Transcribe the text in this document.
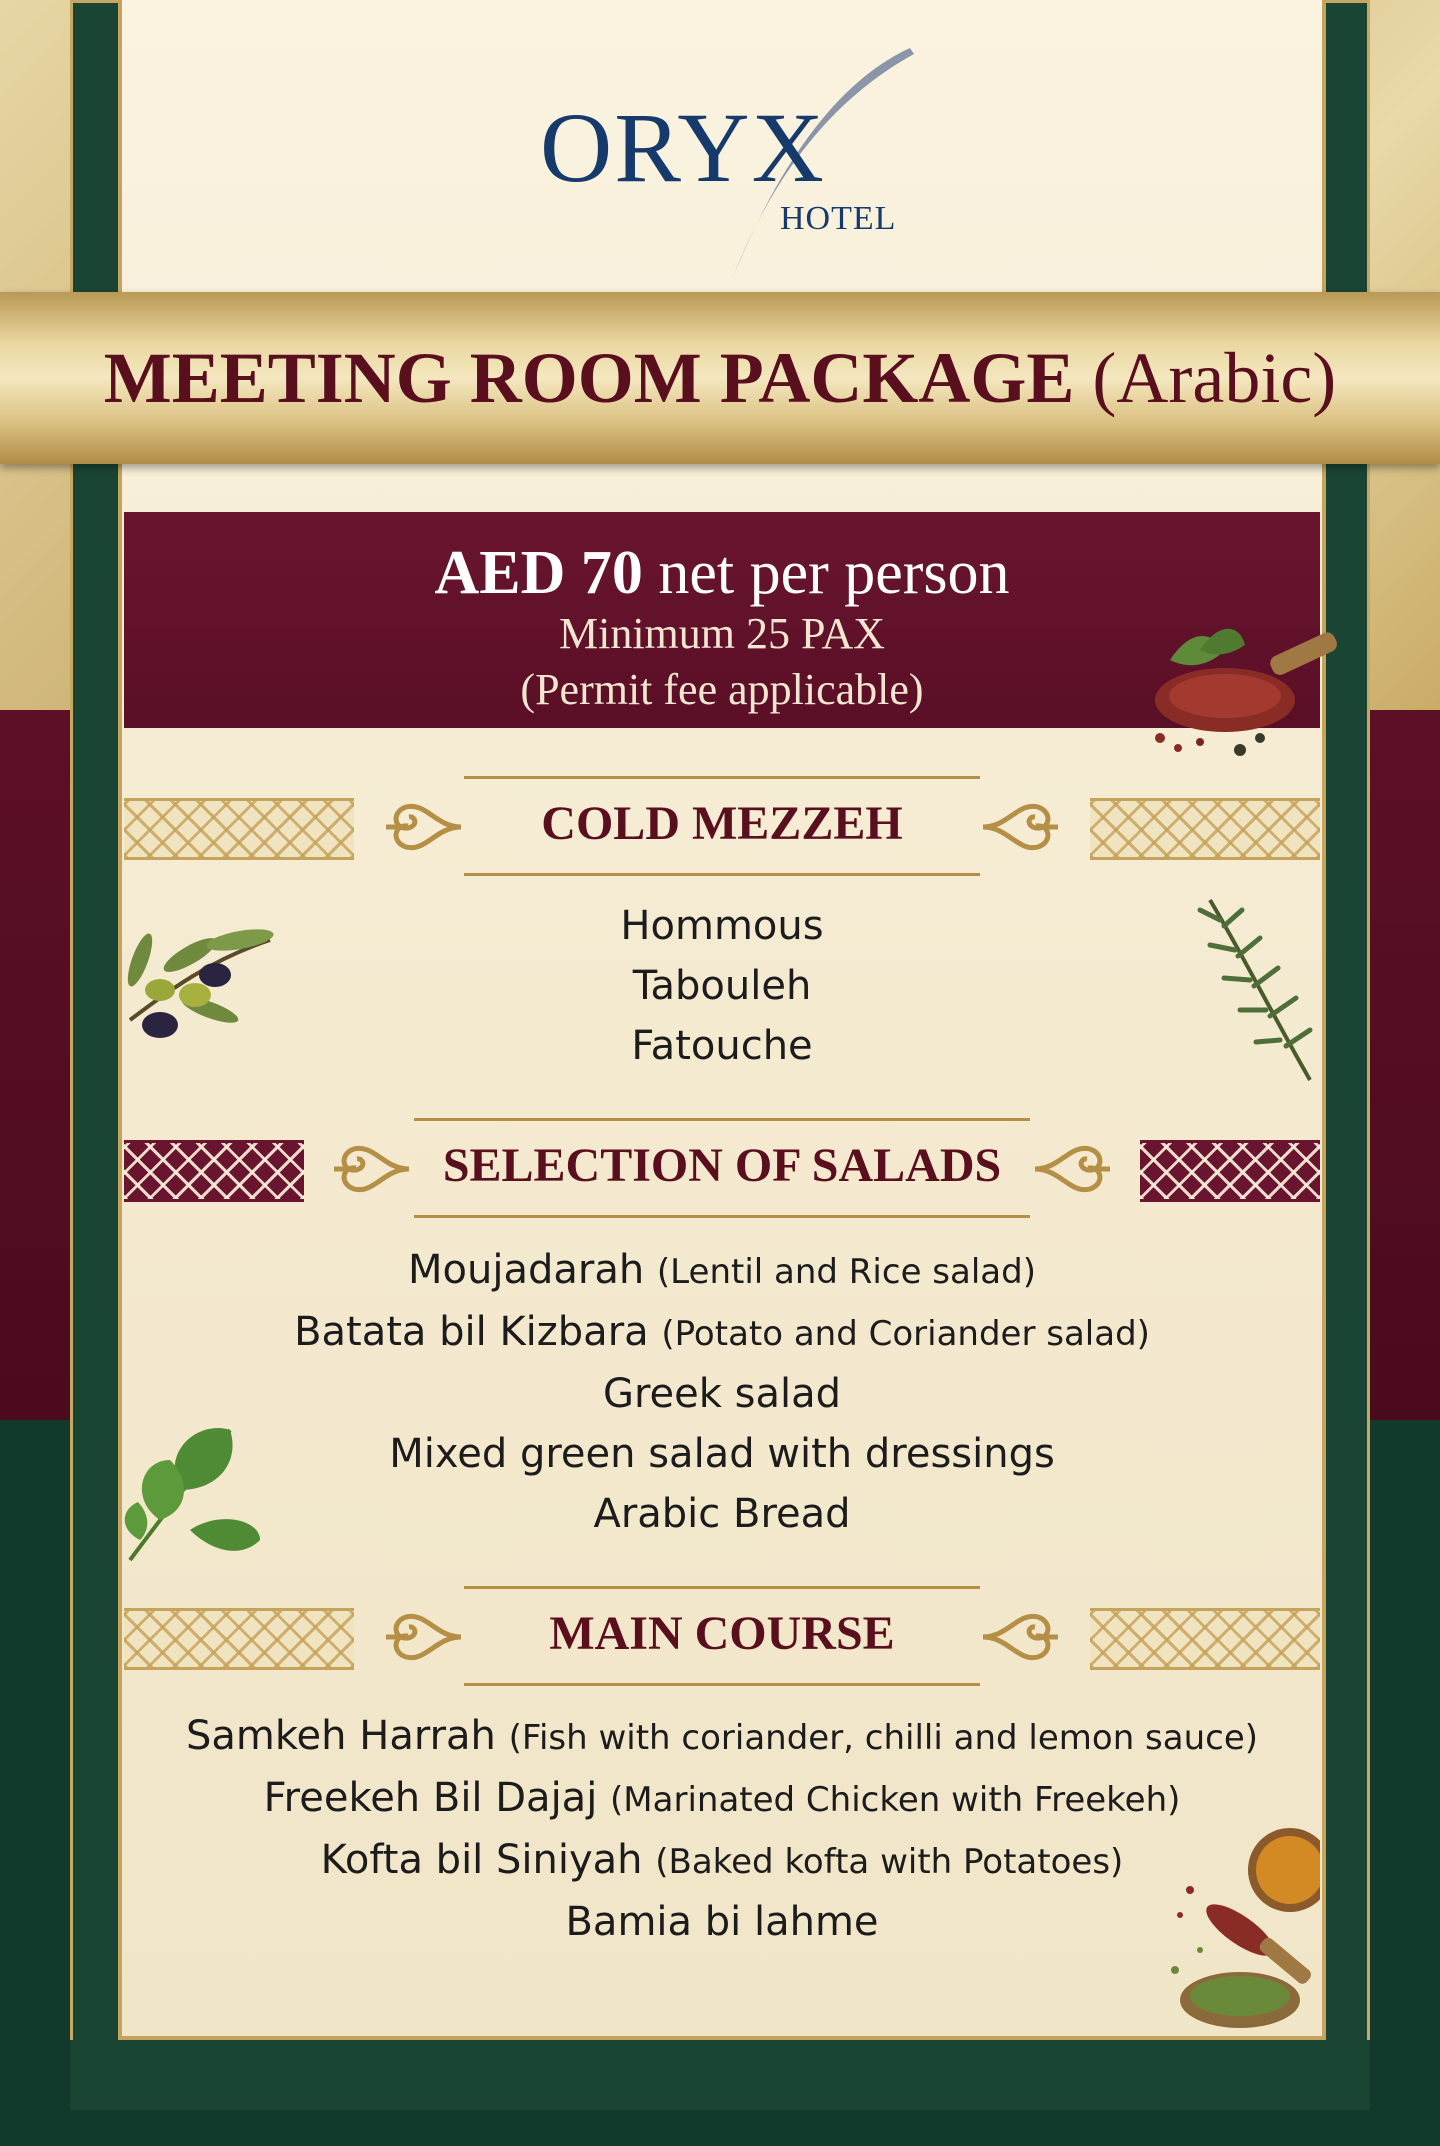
ORYX
HOTEL
MEETING ROOM PACKAGE (Arabic)
AED 70 net per person
Minimum 25 PAX
(Permit fee applicable)
COLD MEZZEH
Hommous
Tabouleh
Fatouche
SELECTION OF SALADS
Moujadarah (Lentil and Rice salad)
Batata bil Kizbara (Potato and Coriander salad)
Greek salad
Mixed green salad with dressings
Arabic Bread
MAIN COURSE
Samkeh Harrah (Fish with coriander, chilli and lemon sauce)
Freekeh Bil Dajaj (Marinated Chicken with Freekeh)
Kofta bil Siniyah (Baked kofta with Potatoes)
Bamia bi lahme
